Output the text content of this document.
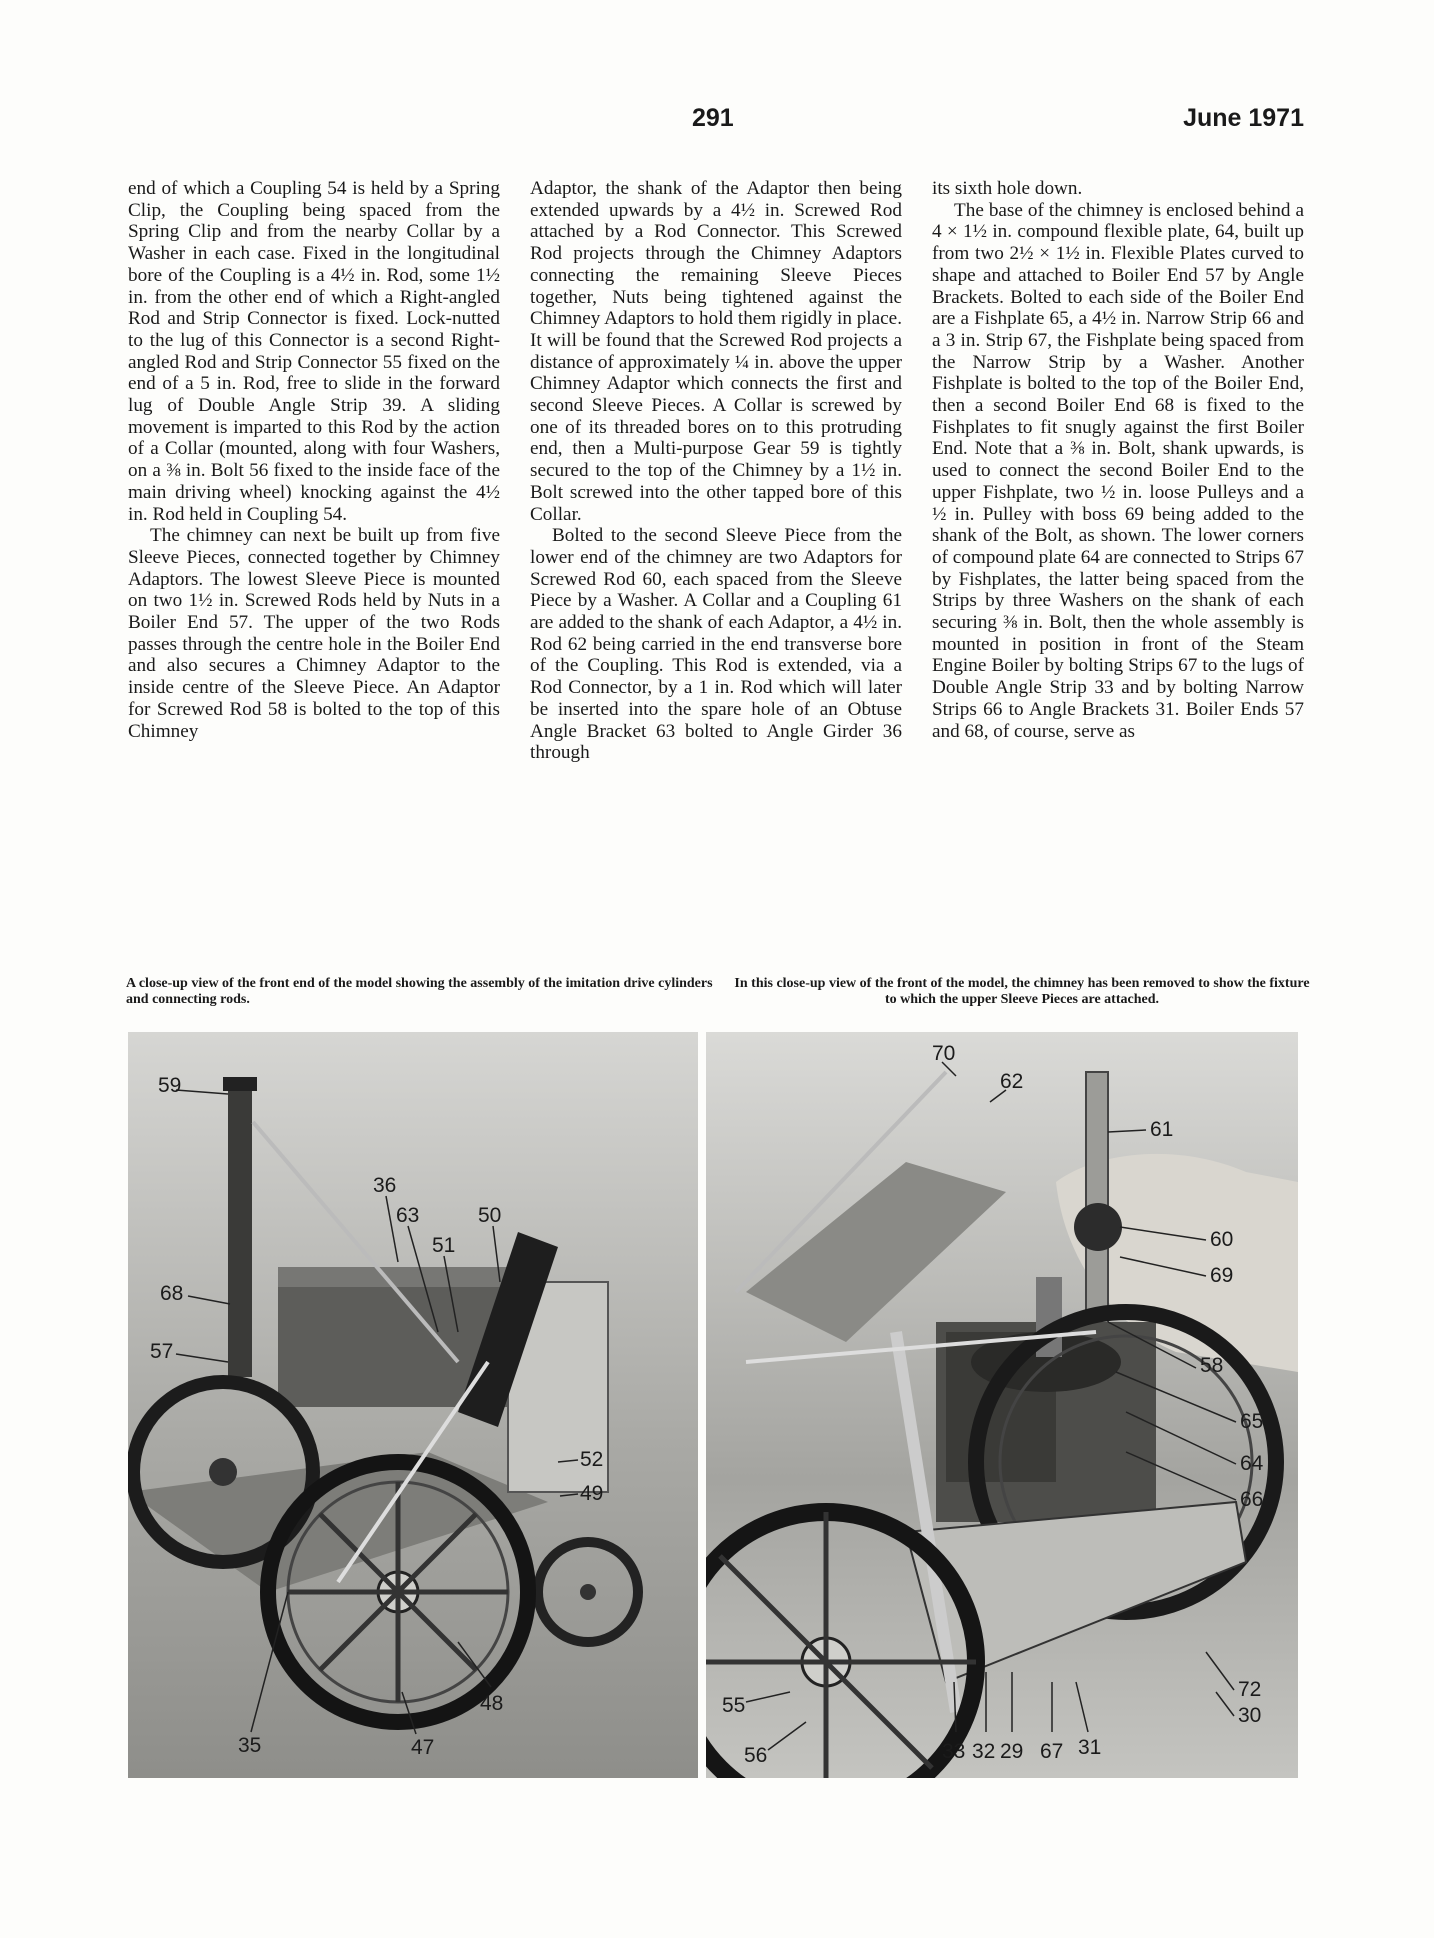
291	June 1971

end of which a Coupling 54 is held by a Spring Clip, the Coupling being spaced from the Spring Clip and from the nearby Collar by a Washer in each case. Fixed in the longitudinal bore of the Coupling is a 4½ in. Rod, some 1½ in. from the other end of which a Right-angled Rod and Strip Connector is fixed. Lock-nutted to the lug of this Connector is a second Right-angled Rod and Strip Connector 55 fixed on the end of a 5 in. Rod, free to slide in the forward lug of Double Angle Strip 39. A sliding movement is imparted to this Rod by the action of a Collar (mounted, along with four Washers, on a ⅜ in. Bolt 56 fixed to the inside face of the main driving wheel) knocking against the 4½ in. Rod held in Coupling 54.

The chimney can next be built up from five Sleeve Pieces, connected together by Chimney Adaptors. The lowest Sleeve Piece is mounted on two 1½ in. Screwed Rods held by Nuts in a Boiler End 57. The upper of the two Rods passes through the centre hole in the Boiler End and also secures a Chimney Adaptor to the inside centre of the Sleeve Piece. An Adaptor for Screwed Rod 58 is bolted to the top of this Chimney

Adaptor, the shank of the Adaptor then being extended upwards by a 4½ in. Screwed Rod attached by a Rod Connector. This Screwed Rod projects through the Chimney Adaptors connecting the remaining Sleeve Pieces together, Nuts being tightened against the Chimney Adaptors to hold them rigidly in place. It will be found that the Screwed Rod projects a distance of approximately ¼ in. above the upper Chimney Adaptor which connects the first and second Sleeve Pieces. A Collar is screwed by one of its threaded bores on to this protruding end, then a Multi-purpose Gear 59 is tightly secured to the top of the Chimney by a 1½ in. Bolt screwed into the other tapped bore of this Collar.

Bolted to the second Sleeve Piece from the lower end of the chimney are two Adaptors for Screwed Rod 60, each spaced from the Sleeve Piece by a Washer. A Collar and a Coupling 61 are added to the shank of each Adaptor, a 4½ in. Rod 62 being carried in the end transverse bore of the Coupling. This Rod is extended, via a Rod Connector, by a 1 in. Rod which will later be inserted into the spare hole of an Obtuse Angle Bracket 63 bolted to Angle Girder 36 through

its sixth hole down.

The base of the chimney is enclosed behind a 4 × 1½ in. compound flexible plate, 64, built up from two 2½ × 1½ in. Flexible Plates curved to shape and attached to Boiler End 57 by Angle Brackets. Bolted to each side of the Boiler End are a Fishplate 65, a 4½ in. Narrow Strip 66 and a 3 in. Strip 67, the Fishplate being spaced from the Narrow Strip by a Washer. Another Fishplate is bolted to the top of the Boiler End, then a second Boiler End 68 is fixed to the Fishplates to fit snugly against the first Boiler End. Note that a ⅜ in. Bolt, shank upwards, is used to connect the second Boiler End to the upper Fishplate, two ½ in. loose Pulleys and a ½ in. Pulley with boss 69 being added to the shank of the Bolt, as shown. The lower corners of compound plate 64 are connected to Strips 67 by Fishplates, the latter being spaced from the Strips by three Washers on the shank of each securing ⅜ in. Bolt, then the whole assembly is mounted in position in front of the Steam Engine Boiler by bolting Strips 67 to the lugs of Double Angle Strip 33 and by bolting Narrow Strips 66 to Angle Brackets 31. Boiler Ends 57 and 68, of course, serve as

A close-up view of the front end of the model showing the assembly of the imitation drive cylinders and connecting rods.
In this close-up view of the front of the model, the chimney has been removed to show the fixture to which the upper Sleeve Pieces are attached.
59
36
63
51
50
68
57
52
49
48
35	47
70
62
61
60
69
58
65
64
66
72
30
55
56	33 32 29 67 31
